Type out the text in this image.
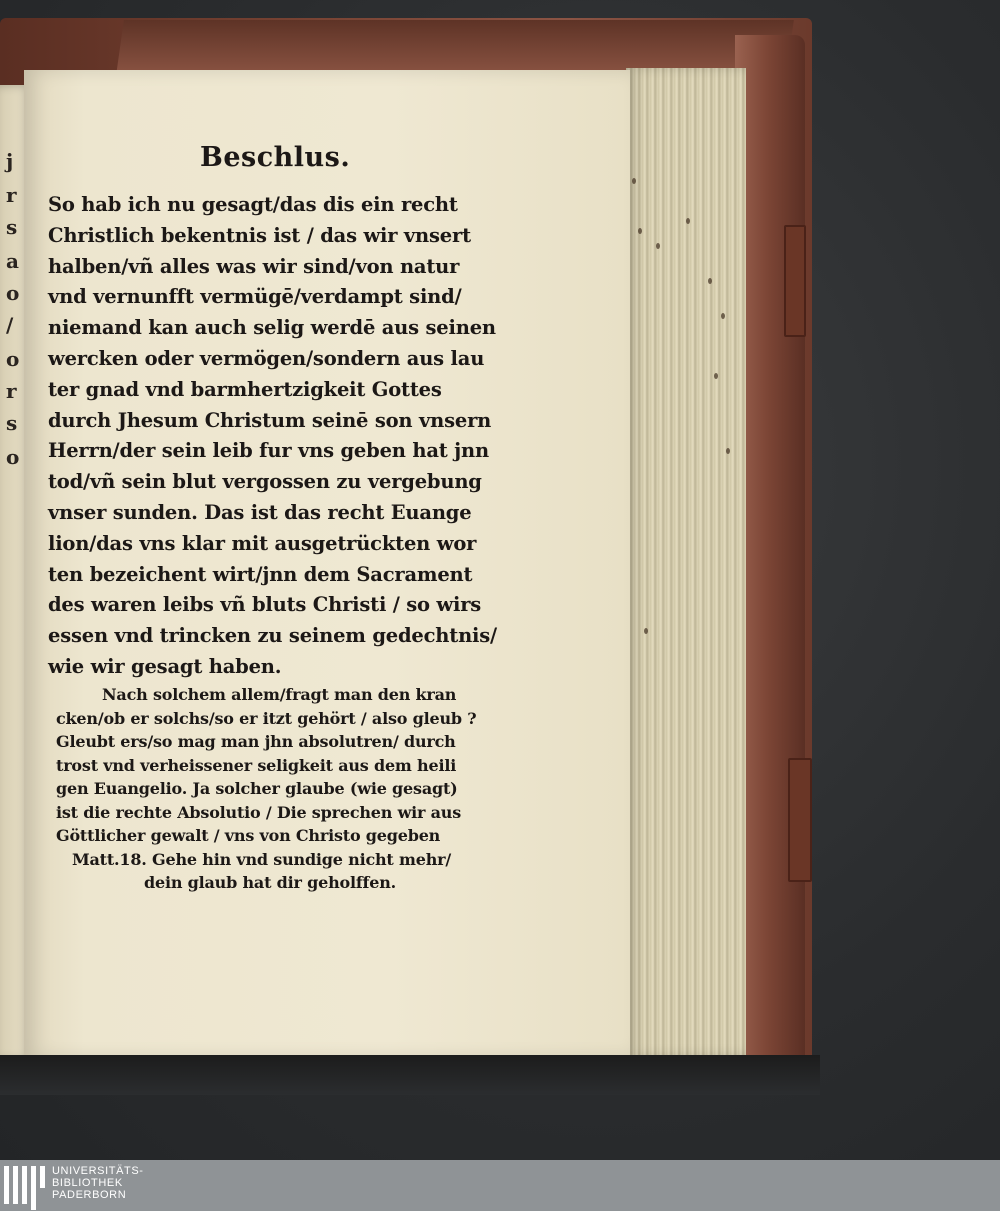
j
r
s
a
o
/
o
r
s
o
Beschlus.
So hab ich nu gesagt/das dis ein recht
Christlich bekentnis ist / das wir vnsert
halben/vñ alles was wir sind/von natur
vnd vernunfft vermügē/verdampt sind/
niemand kan auch selig werdē aus seinen
wercken oder vermögen/sondern aus lau
ter gnad vnd barmhertzigkeit Gottes
durch Jhesum Christum seinē son vnsern
Herrn/der sein leib fur vns geben hat jnn
tod/vñ sein blut vergossen zu vergebung
vnser sunden. Das ist das recht Euange
lion/das vns klar mit ausgetrückten wor
ten bezeichent wirt/jnn dem Sacrament
des waren leibs vñ bluts Christi / so wirs
essen vnd trincken zu seinem gedechtnis/
wie wir gesagt haben.
Nach solchem allem/fragt man den kran
cken/ob er solchs/so er itzt gehört / also gleub ?
Gleubt ers/so mag man jhn absolutren/ durch
trost vnd verheissener seligkeit aus dem heili
gen Euangelio. Ja solcher glaube (wie gesagt)
ist die rechte Absolutio / Die sprechen wir aus
Göttlicher gewalt / vns von Christo gegeben
Matt.18. Gehe hin vnd sundige nicht mehr/
dein glaub hat dir geholffen.
UNIVERSITÄTS-
BIBLIOTHEK
PADERBORN
